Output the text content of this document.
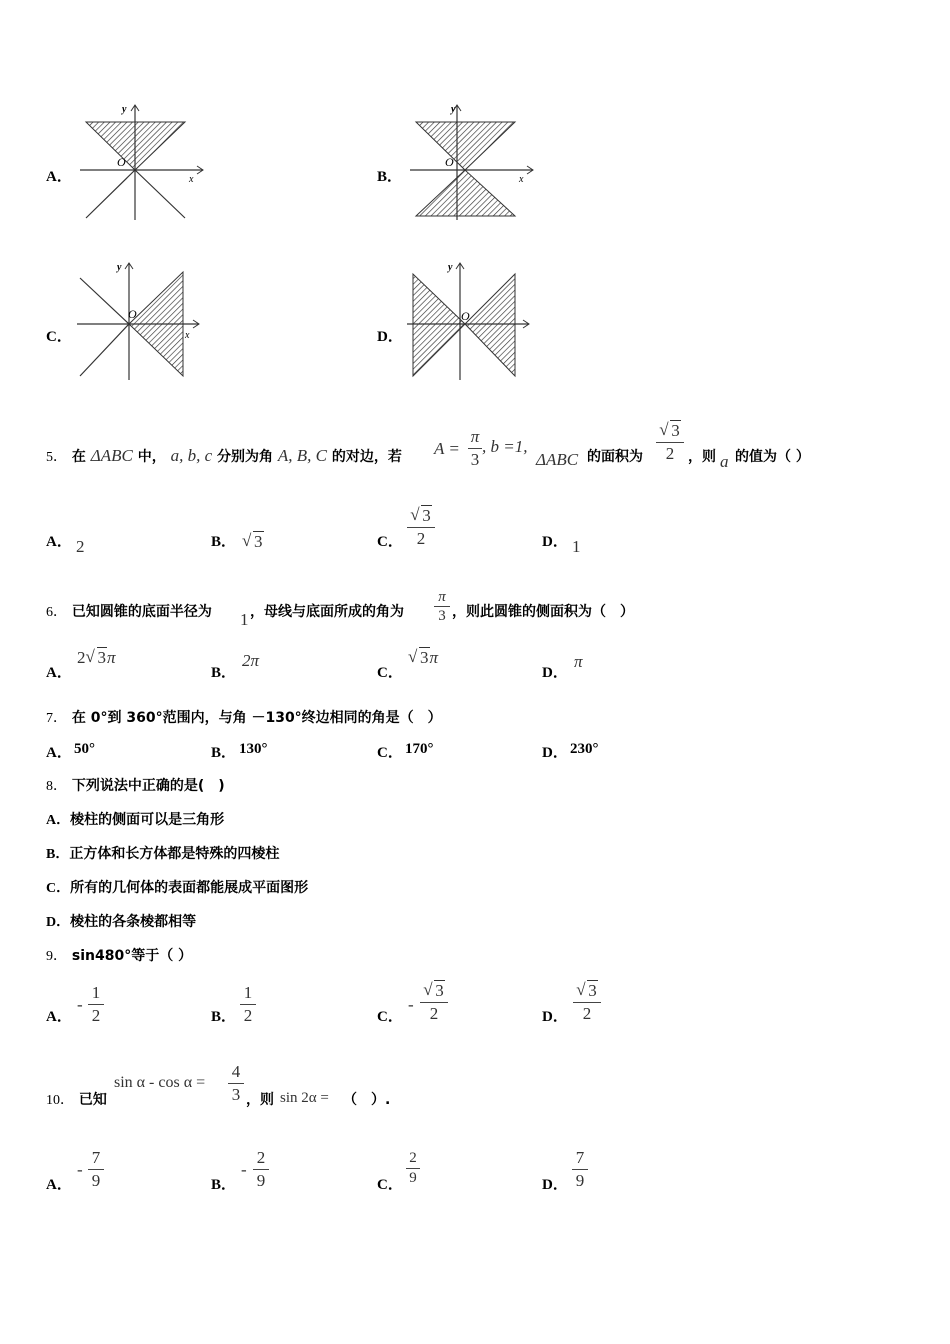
A．
y
x
O
B．
y
x
O
C．
y
x
O
D．
y
O
5． 在 ΔABC 中， a, b, c 分别为角 A, B, C 的对边，若 A =
π
3
, b =1,
ΔABC 的面积为
√ 3
2 ，则 a 的值为（ ）
A． 2	B．	√ 3	C．
√ 3
2	D． 1
6． 已知圆锥的底面半径为 1 ，母线与底面所成的角为
π
3 ，则此圆锥的侧面积为（　）
A．
2 √ 3π
B．
2π
C．
√ 3π
D．
π
7． 在 0°到 360°范围内，与角 －130°终边相同的角是（　）
A． 50°	B． 130°	C． 170°	D． 230°
8． 下列说法中正确的是(　)
A．棱柱的侧面可以是三角形
B．正方体和长方体都是特殊的四棱柱
C．所有的几何体的表面都能展成平面图形
D．棱柱的各条棱都相等
9． sin480°等于（ ）
A．
-
1
2	B．
1
2	C．
-
√ 3
2	D．
√ 3
2
10． 已知
sin α - cos α =
4
3 ，则 sin 2α = （　）.
A．
-
7
9	B．
-
2
9	C．
2
9	D．
7
9
